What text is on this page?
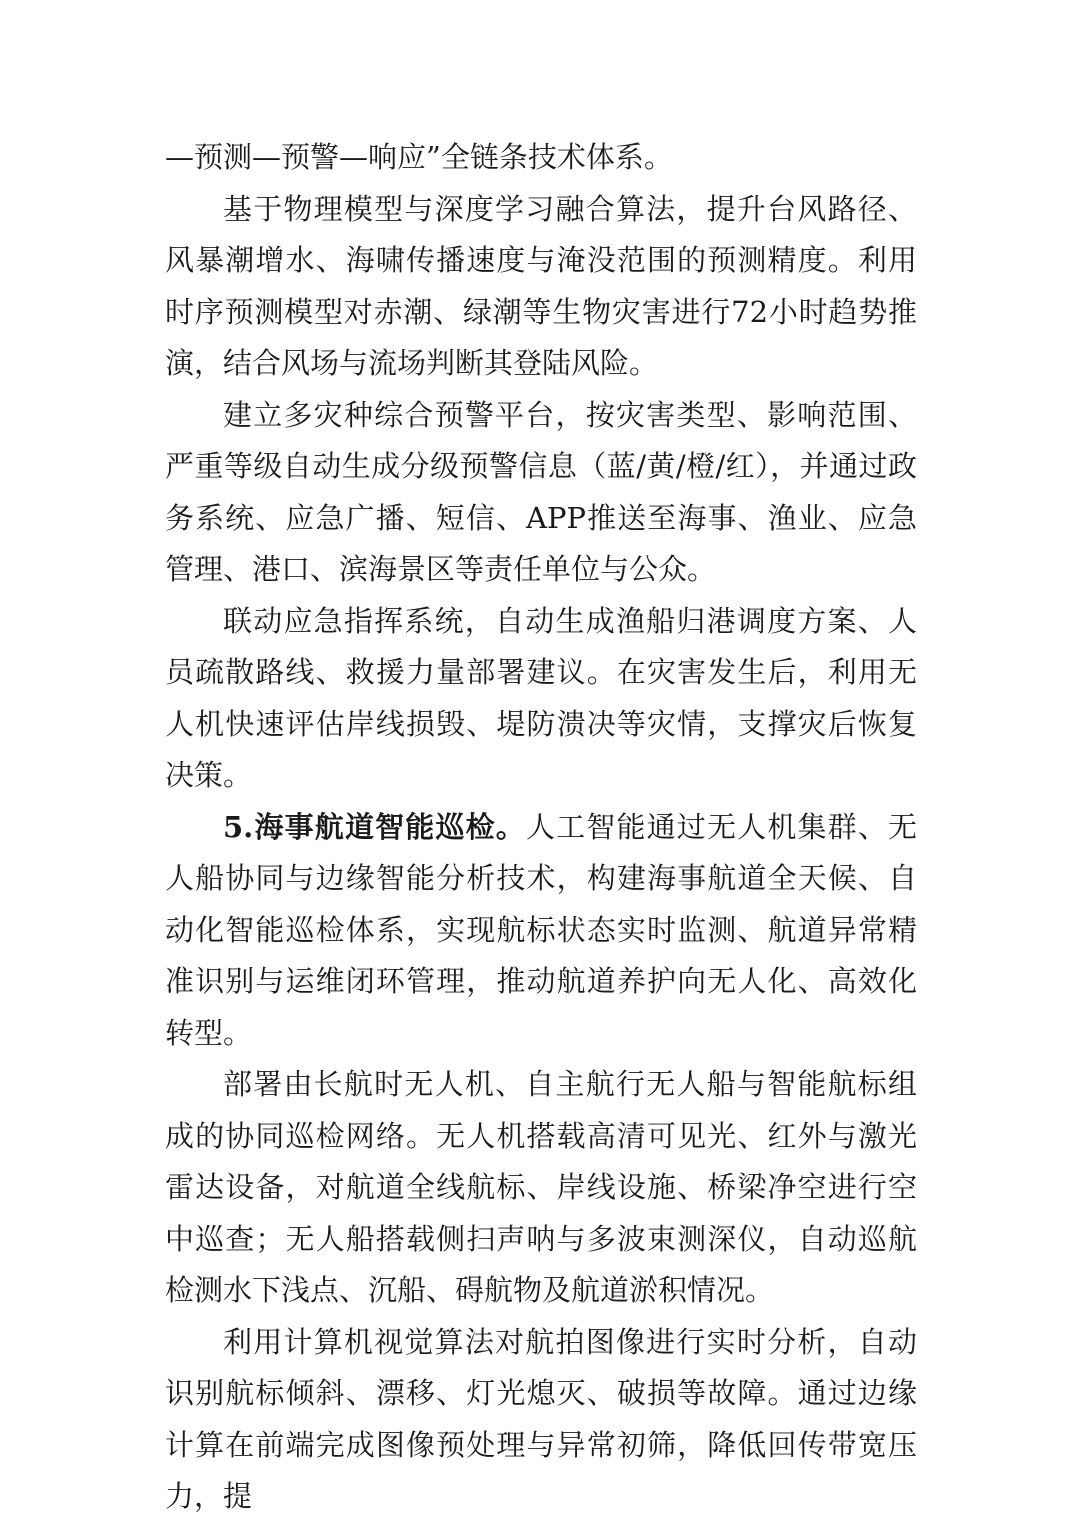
—预测—预警—响应”全链条技术体系。

基于物理模型与深度学习融合算法，提升台风路径、风暴潮增水、海啸传播速度与淹没范围的预测精度。利用时序预测模型对赤潮、绿潮等生物灾害进行72小时趋势推演，结合风场与流场判断其登陆风险。

建立多灾种综合预警平台，按灾害类型、影响范围、严重等级自动生成分级预警信息（蓝/黄/橙/红），并通过政务系统、应急广播、短信、APP推送至海事、渔业、应急管理、港口、滨海景区等责任单位与公众。

联动应急指挥系统，自动生成渔船归港调度方案、人员疏散路线、救援力量部署建议。在灾害发生后，利用无人机快速评估岸线损毁、堤防溃决等灾情，支撑灾后恢复决策。

5.海事航道智能巡检。人工智能通过无人机集群、无人船协同与边缘智能分析技术，构建海事航道全天候、自动化智能巡检体系，实现航标状态实时监测、航道异常精准识别与运维闭环管理，推动航道养护向无人化、高效化转型。

部署由长航时无人机、自主航行无人船与智能航标组成的协同巡检网络。无人机搭载高清可见光、红外与激光雷达设备，对航道全线航标、岸线设施、桥梁净空进行空中巡查；无人船搭载侧扫声呐与多波束测深仪，自动巡航检测水下浅点、沉船、碍航物及航道淤积情况。

利用计算机视觉算法对航拍图像进行实时分析，自动识别航标倾斜、漂移、灯光熄灭、破损等故障。通过边缘计算在前端完成图像预处理与异常初筛，降低回传带宽压力，提
